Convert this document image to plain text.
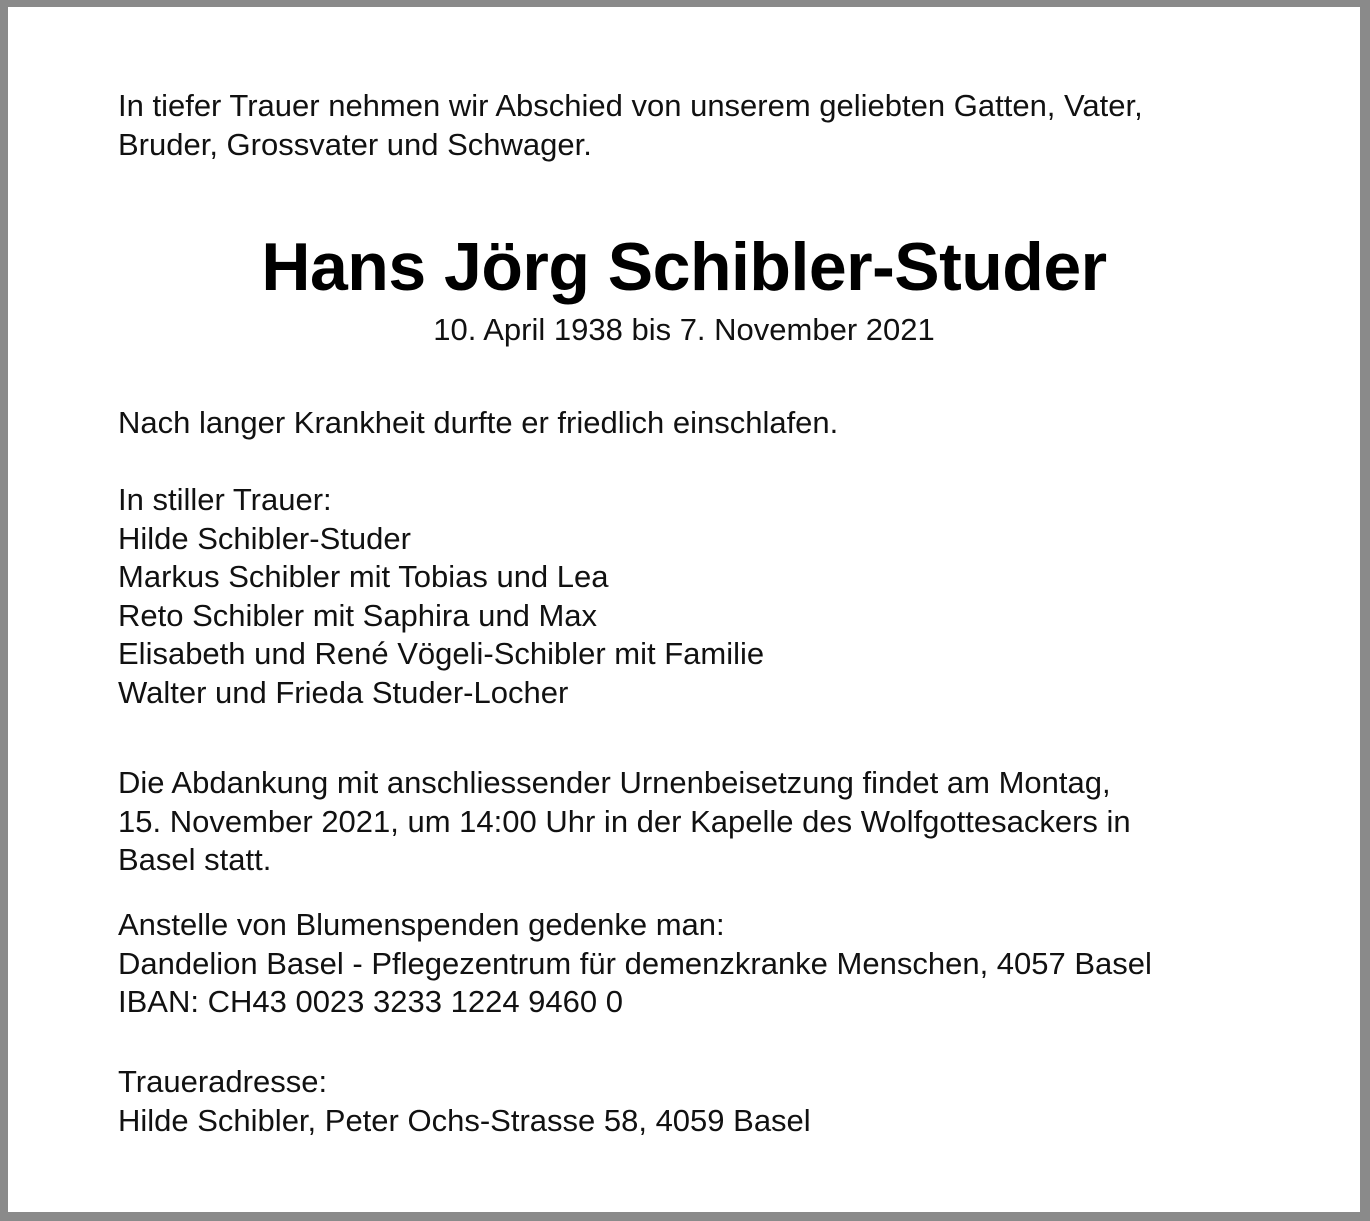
In tiefer Trauer nehmen wir Abschied von unserem geliebten Gatten, Vater,
Bruder, Grossvater und Schwager.
Hans Jörg Schibler-Studer
10. April 1938 bis 7. November 2021
Nach langer Krankheit durfte er friedlich einschlafen.
In stiller Trauer:
Hilde Schibler-Studer
Markus Schibler mit Tobias und Lea
Reto Schibler mit Saphira und Max
Elisabeth und René Vögeli-Schibler mit Familie
Walter und Frieda Studer-Locher
Die Abdankung mit anschliessender Urnenbeisetzung findet am Montag,
15. November 2021, um 14:00 Uhr in der Kapelle des Wolfgottesackers in
Basel statt.
Anstelle von Blumenspenden gedenke man:
Dandelion Basel - Pflegezentrum für demenzkranke Menschen, 4057 Basel
IBAN: CH43 0023 3233 1224 9460 0
Traueradresse:
Hilde Schibler, Peter Ochs-Strasse 58, 4059 Basel
